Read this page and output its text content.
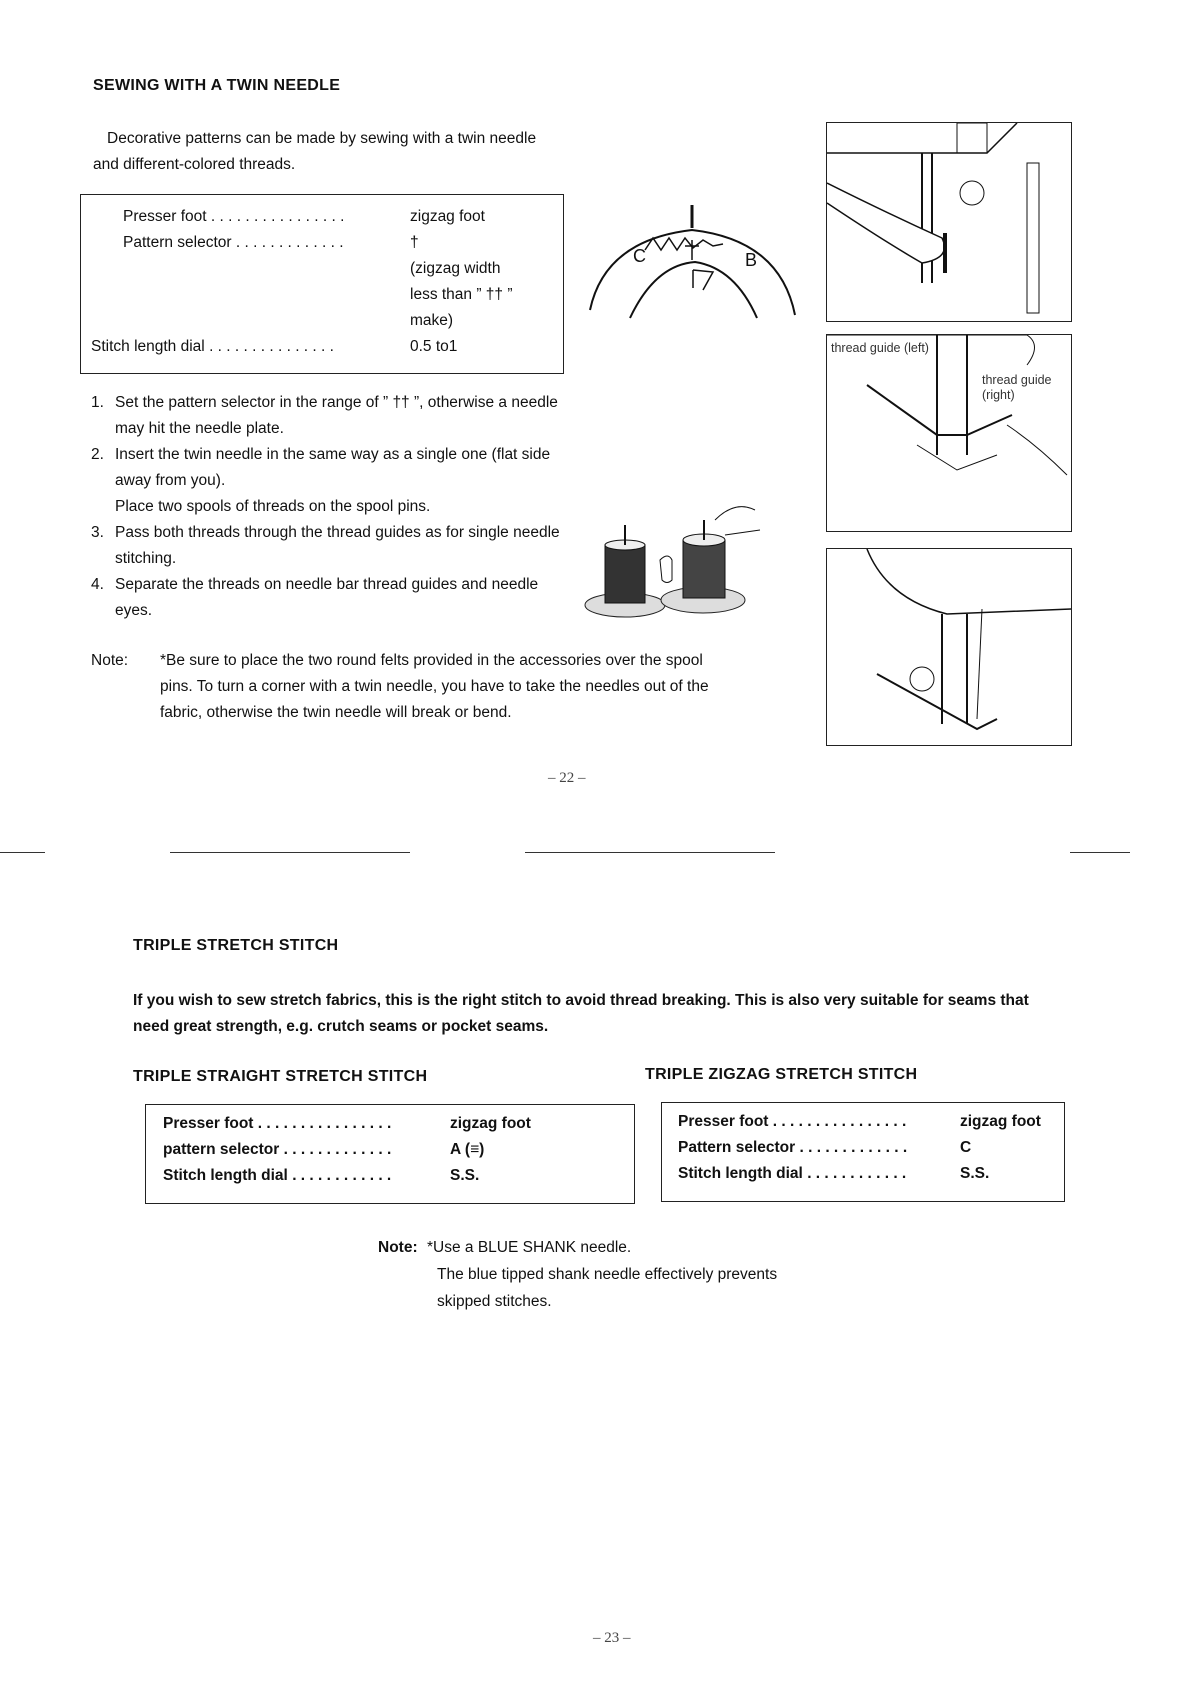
SEWING WITH A TWIN NEEDLE
Decorative patterns can be made by sewing with a twin needle and different-colored threads.
Presser foot . . . . . . . . . . . . . . . .	zigzag foot
Pattern selector . . . . . . . . . . . . .	†

(zigzag width

less than ” †† ”

make)
Stitch length dial . . . . . . . . . . . . . . .	0.5 to1
C	B
1. Set the pattern selector in the range of ” †† ”, otherwise a needle may hit the needle plate.
2. Insert the twin needle in the same way as a single one (flat side away from you).
Place two spools of threads on the spool pins.
3. Pass both threads through the thread guides as for single needle stitching.
4. Separate the threads on needle bar thread guides and needle eyes.
thread guide (left)
thread guide (right)
Note: *Be sure to place the two round felts provided in the accessories over the spool pins. To turn a corner with a twin needle, you have to take the needles out of the fabric, otherwise the twin needle will break or bend.
– 22 –
TRIPLE STRETCH STITCH
If you wish to sew stretch fabrics, this is the right stitch to avoid thread breaking. This is also very suitable for seams that need great strength, e.g. crutch seams or pocket seams.
TRIPLE STRAIGHT STRETCH STITCH	TRIPLE ZIGZAG STRETCH STITCH
Presser foot . . . . . . . . . . . . . . . .	zigzag foot
pattern selector . . . . . . . . . . . . .	A (≡)
Stitch length dial . . . . . . . . . . . .	S.S.
Presser foot . . . . . . . . . . . . . . . .	zigzag foot
Pattern selector . . . . . . . . . . . . .	C
Stitch length dial . . . . . . . . . . . .	S.S.
Note: *Use a BLUE SHANK needle.
The blue tipped shank needle effectively prevents
skipped stitches.
– 23 –
